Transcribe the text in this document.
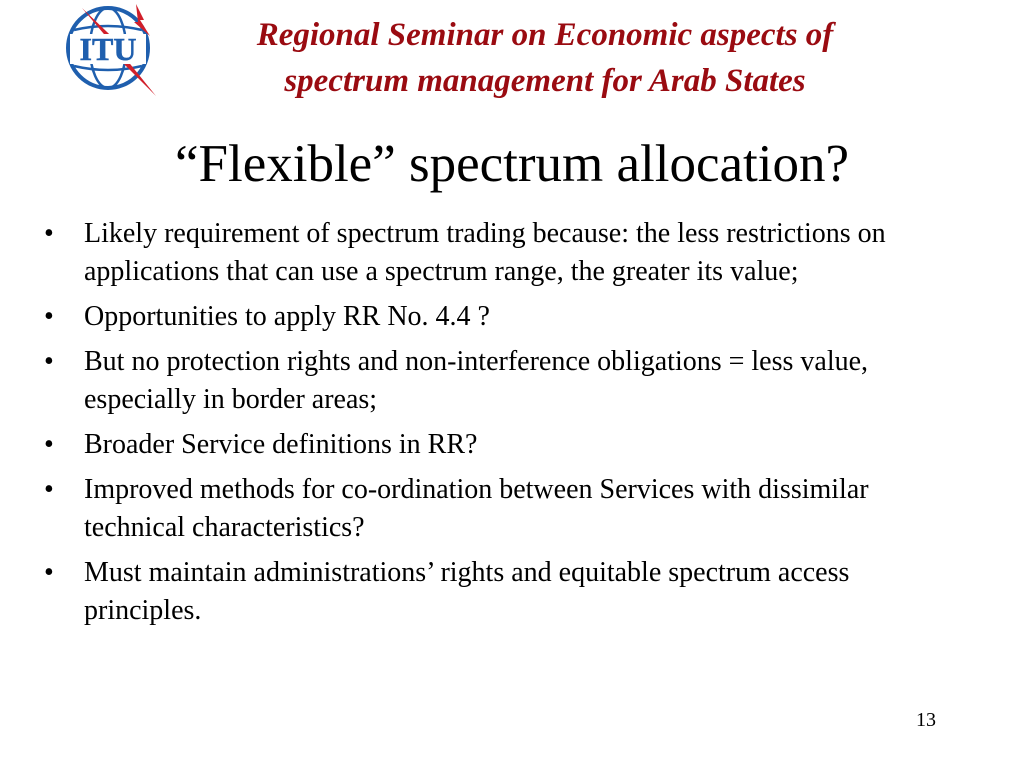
ITU	Regional Seminar on Economic aspects of
spectrum management for Arab States
“Flexible” spectrum allocation?
• Likely requirement of spectrum trading because: the less restrictions on applications that can use a spectrum range, the greater its value;
• Opportunities to apply RR No. 4.4 ?
• But no protection rights and non-interference obligations = less value, especially in border areas;
• Broader Service definitions in RR?
• Improved methods for co-ordination between Services with dissimilar technical characteristics?
• Must maintain administrations’ rights and equitable spectrum access principles.
13
